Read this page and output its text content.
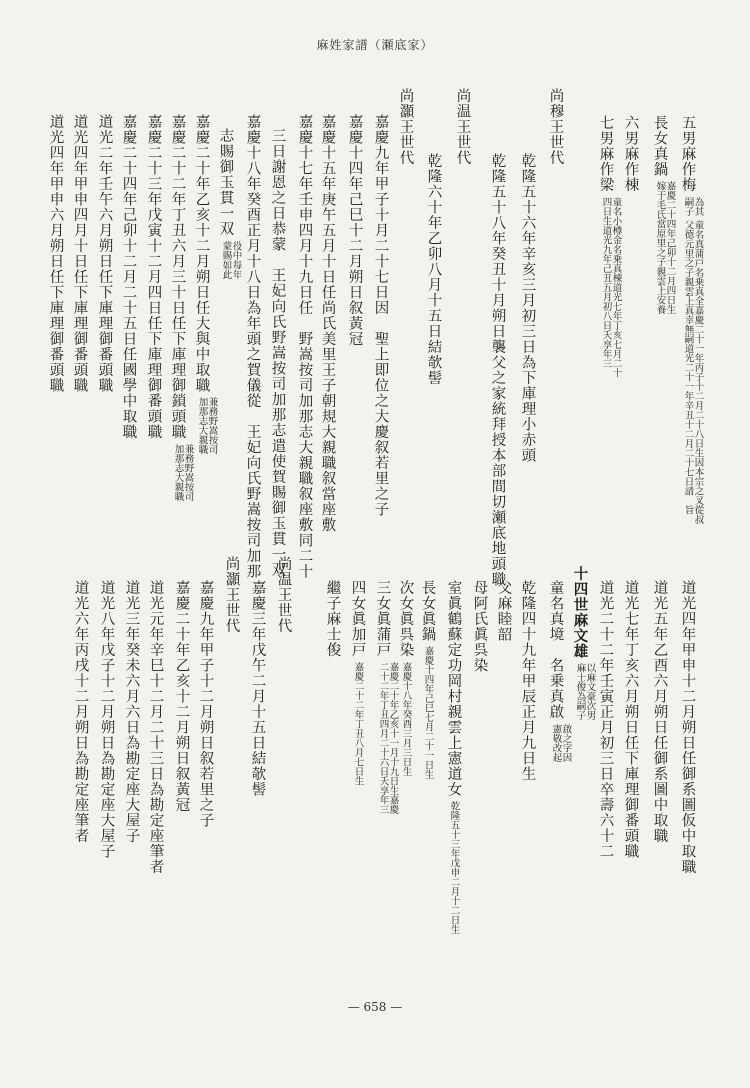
麻姓家譜（瀬底家）
五男麻作梅為其
嗣子童名真蒲戸名乗真全嘉慶二十一年丙子十二月二十八日生因本宗之叉從叔
父德元里之子親雲上真幸無嗣道光二十一年辛丑十二月二十七日請　旨
長女真鍋嘉慶二十四年己卯十二月四日生
嫁于毛氏當原里之子親雲上安養
六男麻作棟
七男麻作梁童名小樽金名乗真棟道光七年丁亥七月二十
四日生道光九年己丑五月初八日夭享年三
尚穆王世代
乾隆五十六年辛亥三月初三日為下庫理小赤頭
乾隆五十八年癸丑十月朔日襲父之家統拜授本部間切瀬底地頭職
尚温王世代
乾隆六十年乙卯八月十五日結欹髻
尚灝王世代
嘉慶九年甲子十月二十七日因　聖上即位之大慶叙若里之子
嘉慶十四年己巳十二月朔日叙黃冠
嘉慶十五年庚午五月十日任尚氏美里王子朝規大親職叙當座敷
嘉慶十七年壬申四月十九日任　野嵩按司加那志大親職叙座敷同二十
三日謝恩之日恭蒙　王妃向氏野嵩按司加那志遣使賀賜御玉貫一双
嘉慶十八年癸酉正月十八日為年頭之賀儀從　王妃向氏野嵩按司加那
志賜御玉貫一双役中每年
蒙賜如此
嘉慶二十年乙亥十二月朔日任大與中取職兼務野嵩按司
加那志大親職
嘉慶二十二年丁丑六月三十日任下庫理御鎖頭職兼務野嵩按司
加那志大親職
嘉慶二十三年戊寅十二月四日任下庫理御番頭職
嘉慶二十四年己卯十二月二十五日任國學中取職
道光二年壬午六月朔日任下庫理御番頭職
道光四年甲申四月十日任下庫理御番頭職
道光四年甲申六月朔日任下庫理御番頭職
道光四年甲申十二月朔日任御系圖仮中取職
道光五年乙酉六月朔日任御系圖中取職
道光七年丁亥六月朔日任下庫理御番頭職
道光二十二年壬寅正月初三日卒壽六十二
十四世麻文雄以麻文豪次男
麻士俊為嗣子
童名真境　名乗真啟啟之字因
憲敬改起
乾隆四十九年甲辰正月九日生
父麻睦韶
母阿氏眞呉染
室眞鶴蘇定功岡村親雲上憲道女乾隆五十三年戊申二月十二日生
長女眞鍋嘉慶十四年己巳七月二十一日生
次女眞呉染嘉慶十八年癸酉三月三日生
三女眞蒲戸嘉慶二十年乙亥十一月十九日生嘉慶
二十二年丁丑四月二十六日夭享年三
四女眞加戸嘉慶二十二年丁丑八月七日生
繼子麻士俊
尚温王世代
嘉慶三年戊午二月十五日結欹髻
尚灝王世代
嘉慶九年甲子十二月朔日叙若里之子
嘉慶二十年乙亥十二月朔日叙黃冠
道光元年辛巳十二月二十三日為勘定座筆者
道光三年癸未六月六日為勘定座大屋子
道光八年戊子十二月朔日為勘定座大屋子
道光六年丙戌十二月朔日為勘定座筆者
— 658 —
